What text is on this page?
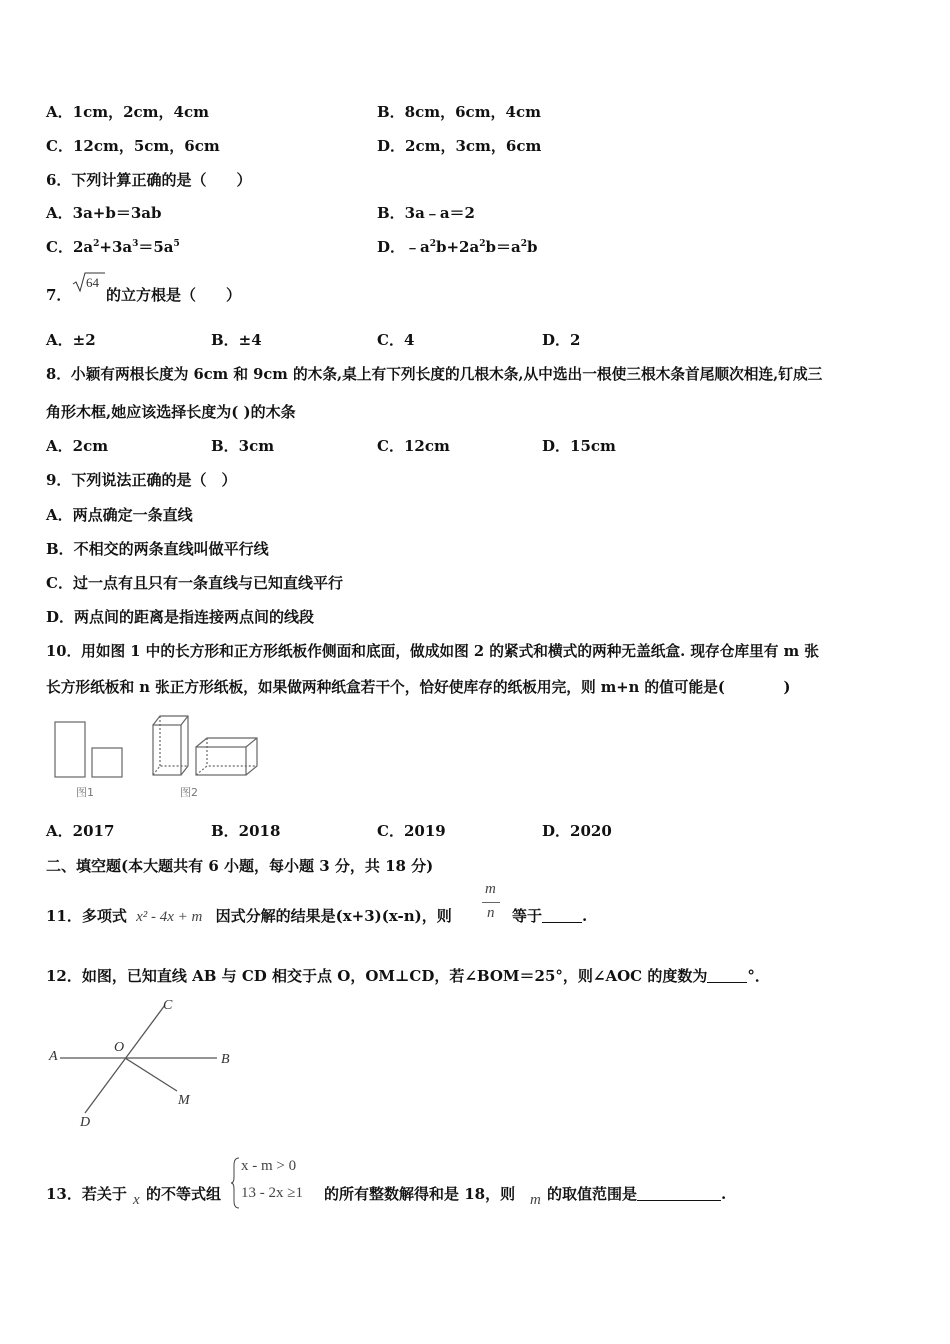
A．1cm，2cm，4cm	B．8cm，6cm，4cm
C．12cm，5cm，6cm	D．2cm，3cm，6cm
6．下列计算正确的是（　　）
A．3a+b＝3ab	B．3a﹣a＝2
C．$2a^2+3a^3=5a^5$	D．$﹣a^2b+2a^2b=a^2b$
7．
64
的立方根是（　　）
A．±2	B．±4	C．4	D．2
8．小颖有两根长度为 6cm 和 9cm 的木条,桌上有下列长度的几根木条,从中选出一根使三根木条首尾顺次相连,钉成三
角形木框,她应该选择长度为( )的木条
A．2cm	B．3cm	C．12cm	D．15cm
9．下列说法正确的是（　）
A．两点确定一条直线
B．不相交的两条直线叫做平行线
C．过一点有且只有一条直线与已知直线平行
D．两点间的距离是指连接两点间的线段
10．用如图 1 中的长方形和正方形纸板作侧面和底面，做成如图 2 的紧式和横式的两种无盖纸盒. 现存仓库里有 m 张
长方形纸板和 n 张正方形纸板，如果做两种纸盒若干个，恰好使库存的纸板用完，则 m+n 的值可能是(　　　　)
图1	图2
A．2017	B．2018	C．2019	D．2020
二、填空题(本大题共有 6 小题，每小题 3 分，共 18 分)
11．多项式 x² - 4x + m 因式分解的结果是(x+3)(x-n)，则
m
n 等于	.
12．如图，已知直线 AB 与 CD 相交于点 O，OM⊥CD，若∠BOM＝25°，则∠AOC 的度数为	°．
A	B
C
D
O
M
13．若关于 x 的不等式组
x - m > 0
13 - 2x ≥1 的所有整数解得和是 18，则 m 的取值范围是	.
